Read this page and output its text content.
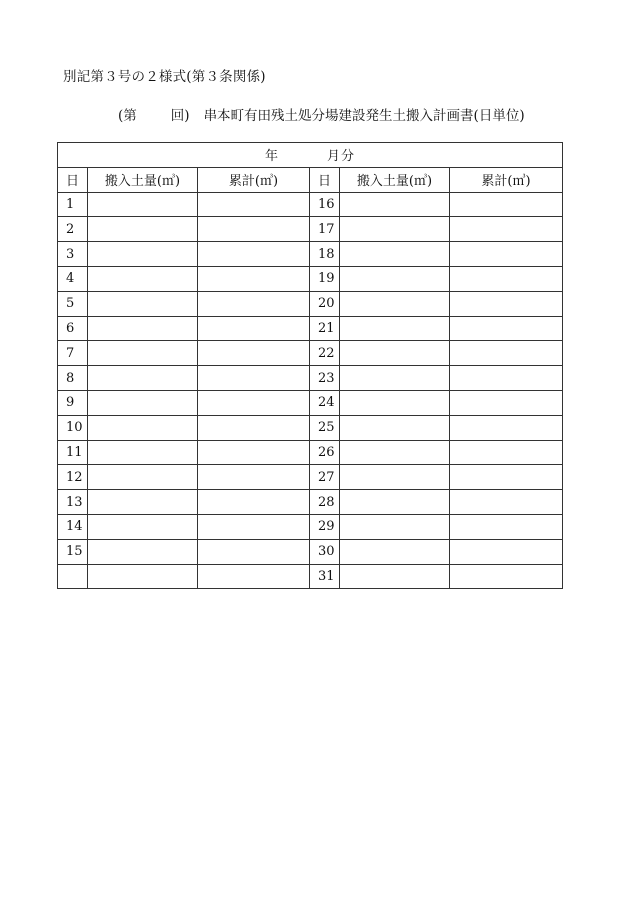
別記第３号の２様式(第３条関係)
(第	回) 串本町有田残土処分場建設発生土搬入計画書(日単位)
年 月分					
日	搬入土量(㎥)	累計(㎥)	日	搬入土量(㎥)	累計(㎥)
1			16		
2			17		
3			18		
4			19		
5			20		
6			21		
7			22		
8			23		
9			24		
10			25		
11			26		
12			27		
13			28		
14			29		
15			30		
			31		
